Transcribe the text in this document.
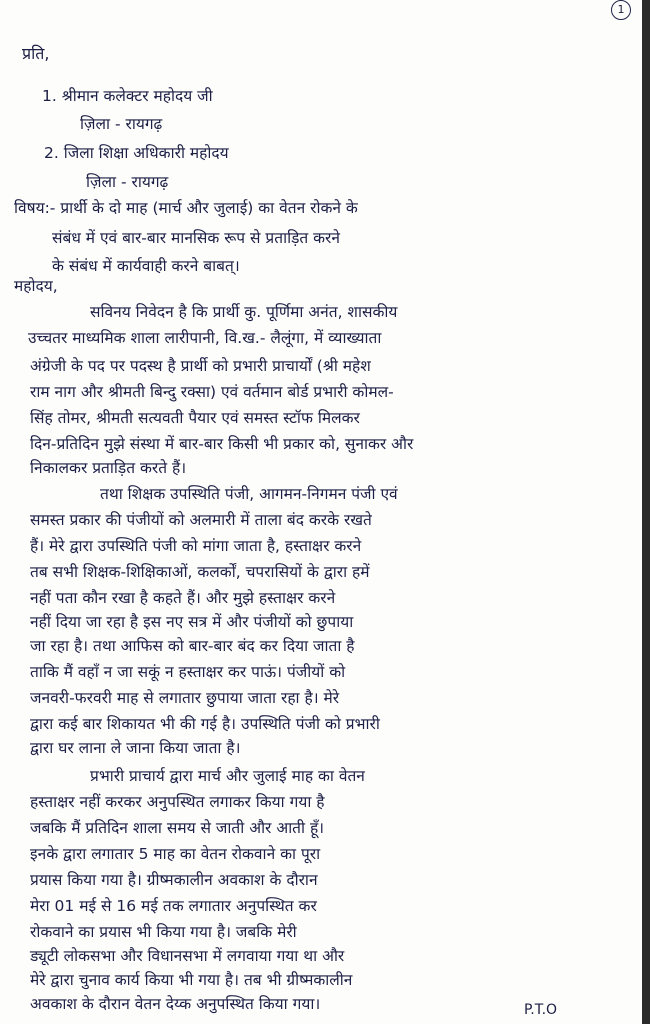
1
प्रति,
1. श्रीमान कलेक्टर महोदय जी
ज़िला - रायगढ़
2. जिला शिक्षा अधिकारी महोदय
ज़िला - रायगढ़
विषय:- प्रार्थी के दो माह (मार्च और जुलाई) का वेतन रोकने के
संबंध में एवं बार-बार मानसिक रूप से प्रताड़ित करने
के संबंध में कार्यवाही करने बाबत्।
महोदय,
सविनय निवेदन है कि प्रार्थी कु. पूर्णिमा अनंत, शासकीय
उच्चतर माध्यमिक शाला लारीपानी, वि.ख.- लैलूंगा, में व्याख्याता
अंग्रेजी के पद पर पदस्थ है प्रार्थी को प्रभारी प्राचार्यों (श्री महेश
राम नाग और श्रीमती बिन्दु रक्सा) एवं वर्तमान बोर्ड प्रभारी कोमल-
सिंह तोमर, श्रीमती सत्यवती पैयार एवं समस्त स्टॉफ मिलकर
दिन-प्रतिदिन मुझे संस्था में बार-बार किसी भी प्रकार को, सुनाकर और
निकालकर प्रताड़ित करते हैं।
तथा शिक्षक उपस्थिति पंजी, आगमन-निगमन पंजी एवं
समस्त प्रकार की पंजीयों को अलमारी में ताला बंद करके रखते
हैं। मेरे द्वारा उपस्थिति पंजी को मांगा जाता है, हस्ताक्षर करने
तब सभी शिक्षक-शिक्षिकाओं, कलर्कों, चपरासियों के द्वारा हमें
नहीं पता कौन रखा है कहते हैं। और मुझे हस्ताक्षर करने
नहीं दिया जा रहा है इस नए सत्र में और पंजीयों को छुपाया
जा रहा है। तथा आफिस को बार-बार बंद कर दिया जाता है
ताकि मैं वहाँ न जा सकूं न हस्ताक्षर कर पाऊं। पंजीयों को
जनवरी-फरवरी माह से लगातार छुपाया जाता रहा है। मेरे
द्वारा कई बार शिकायत भी की गई है। उपस्थिति पंजी को प्रभारी
द्वारा घर लाना ले जाना किया जाता है।
प्रभारी प्राचार्य द्वारा मार्च और जुलाई माह का वेतन
हस्ताक्षर नहीं करकर अनुपस्थित लगाकर किया गया है
जबकि मैं प्रतिदिन शाला समय से जाती और आती हूँ।
इनके द्वारा लगातार 5 माह का वेतन रोकवाने का पूरा
प्रयास किया गया है। ग्रीष्मकालीन अवकाश के दौरान
मेरा 01 मई से 16 मई तक लगातार अनुपस्थित कर
रोकवाने का प्रयास भी किया गया है। जबकि मेरी
ड्यूटी लोकसभा और विधानसभा में लगवाया गया था और
मेरे द्वारा चुनाव कार्य किया भी गया है। तब भी ग्रीष्मकालीन
अवकाश के दौरान वेतन देय्क अनुपस्थित किया गया।	P.T.O
